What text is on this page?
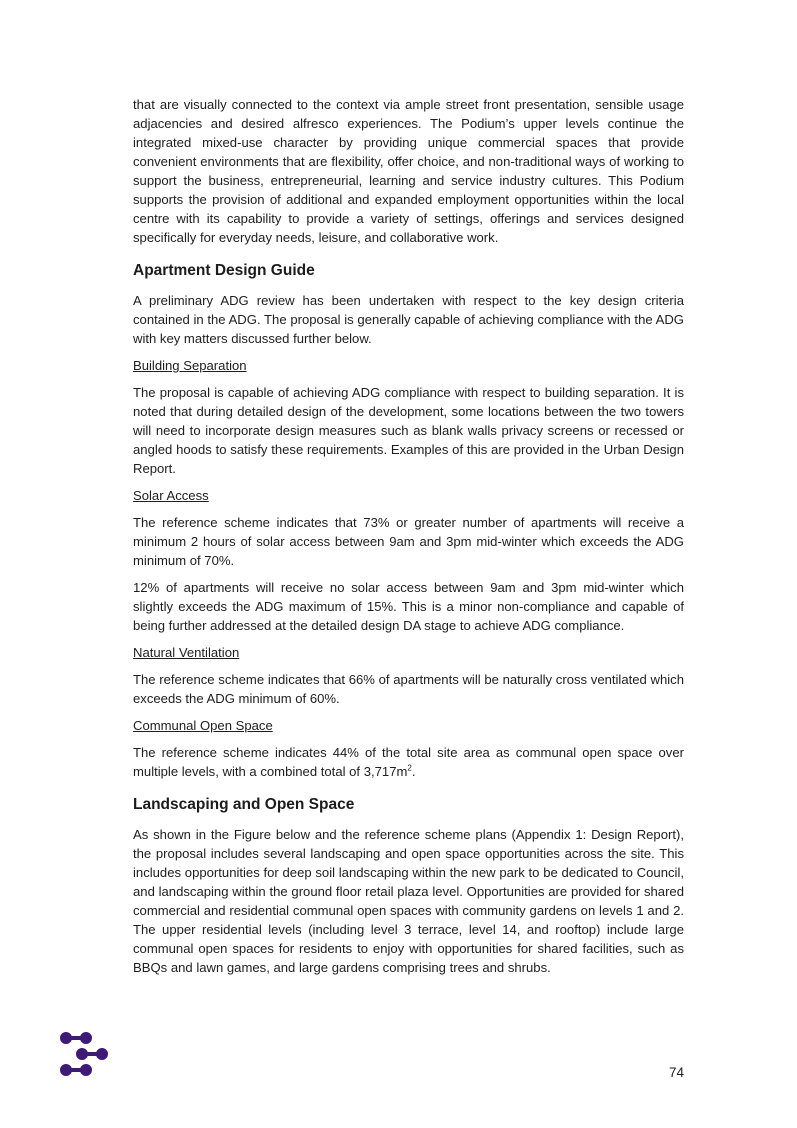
that are visually connected to the context via ample street front presentation, sensible usage adjacencies and desired alfresco experiences. The Podium’s upper levels continue the integrated mixed-use character by providing unique commercial spaces that provide convenient environments that are flexibility, offer choice, and non-traditional ways of working to support the business, entrepreneurial, learning and service industry cultures. This Podium supports the provision of additional and expanded employment opportunities within the local centre with its capability to provide a variety of settings, offerings and services designed specifically for everyday needs, leisure, and collaborative work.

Apartment Design Guide

A preliminary ADG review has been undertaken with respect to the key design criteria contained in the ADG. The proposal is generally capable of achieving compliance with the ADG with key matters discussed further below.

Building Separation

The proposal is capable of achieving ADG compliance with respect to building separation. It is noted that during detailed design of the development, some locations between the two towers will need to incorporate design measures such as blank walls privacy screens or recessed or angled hoods to satisfy these requirements. Examples of this are provided in the Urban Design Report.

Solar Access

The reference scheme indicates that 73% or greater number of apartments will receive a minimum 2 hours of solar access between 9am and 3pm mid-winter which exceeds the ADG minimum of 70%.

12% of apartments will receive no solar access between 9am and 3pm mid-winter which slightly exceeds the ADG maximum of 15%. This is a minor non-compliance and capable of being further addressed at the detailed design DA stage to achieve ADG compliance.

Natural Ventilation

The reference scheme indicates that 66% of apartments will be naturally cross ventilated which exceeds the ADG minimum of 60%.

Communal Open Space

The reference scheme indicates 44% of the total site area as communal open space over multiple levels, with a combined total of $3,717m^2$.

Landscaping and Open Space

As shown in the Figure below and the reference scheme plans (Appendix 1: Design Report), the proposal includes several landscaping and open space opportunities across the site. This includes opportunities for deep soil landscaping within the new park to be dedicated to Council, and landscaping within the ground floor retail plaza level. Opportunities are provided for shared commercial and residential communal open spaces with community gardens on levels 1 and 2. The upper residential levels (including level 3 terrace, level 14, and rooftop) include large communal open spaces for residents to enjoy with opportunities for shared facilities, such as BBQs and lawn games, and large gardens comprising trees and shrubs.

74
